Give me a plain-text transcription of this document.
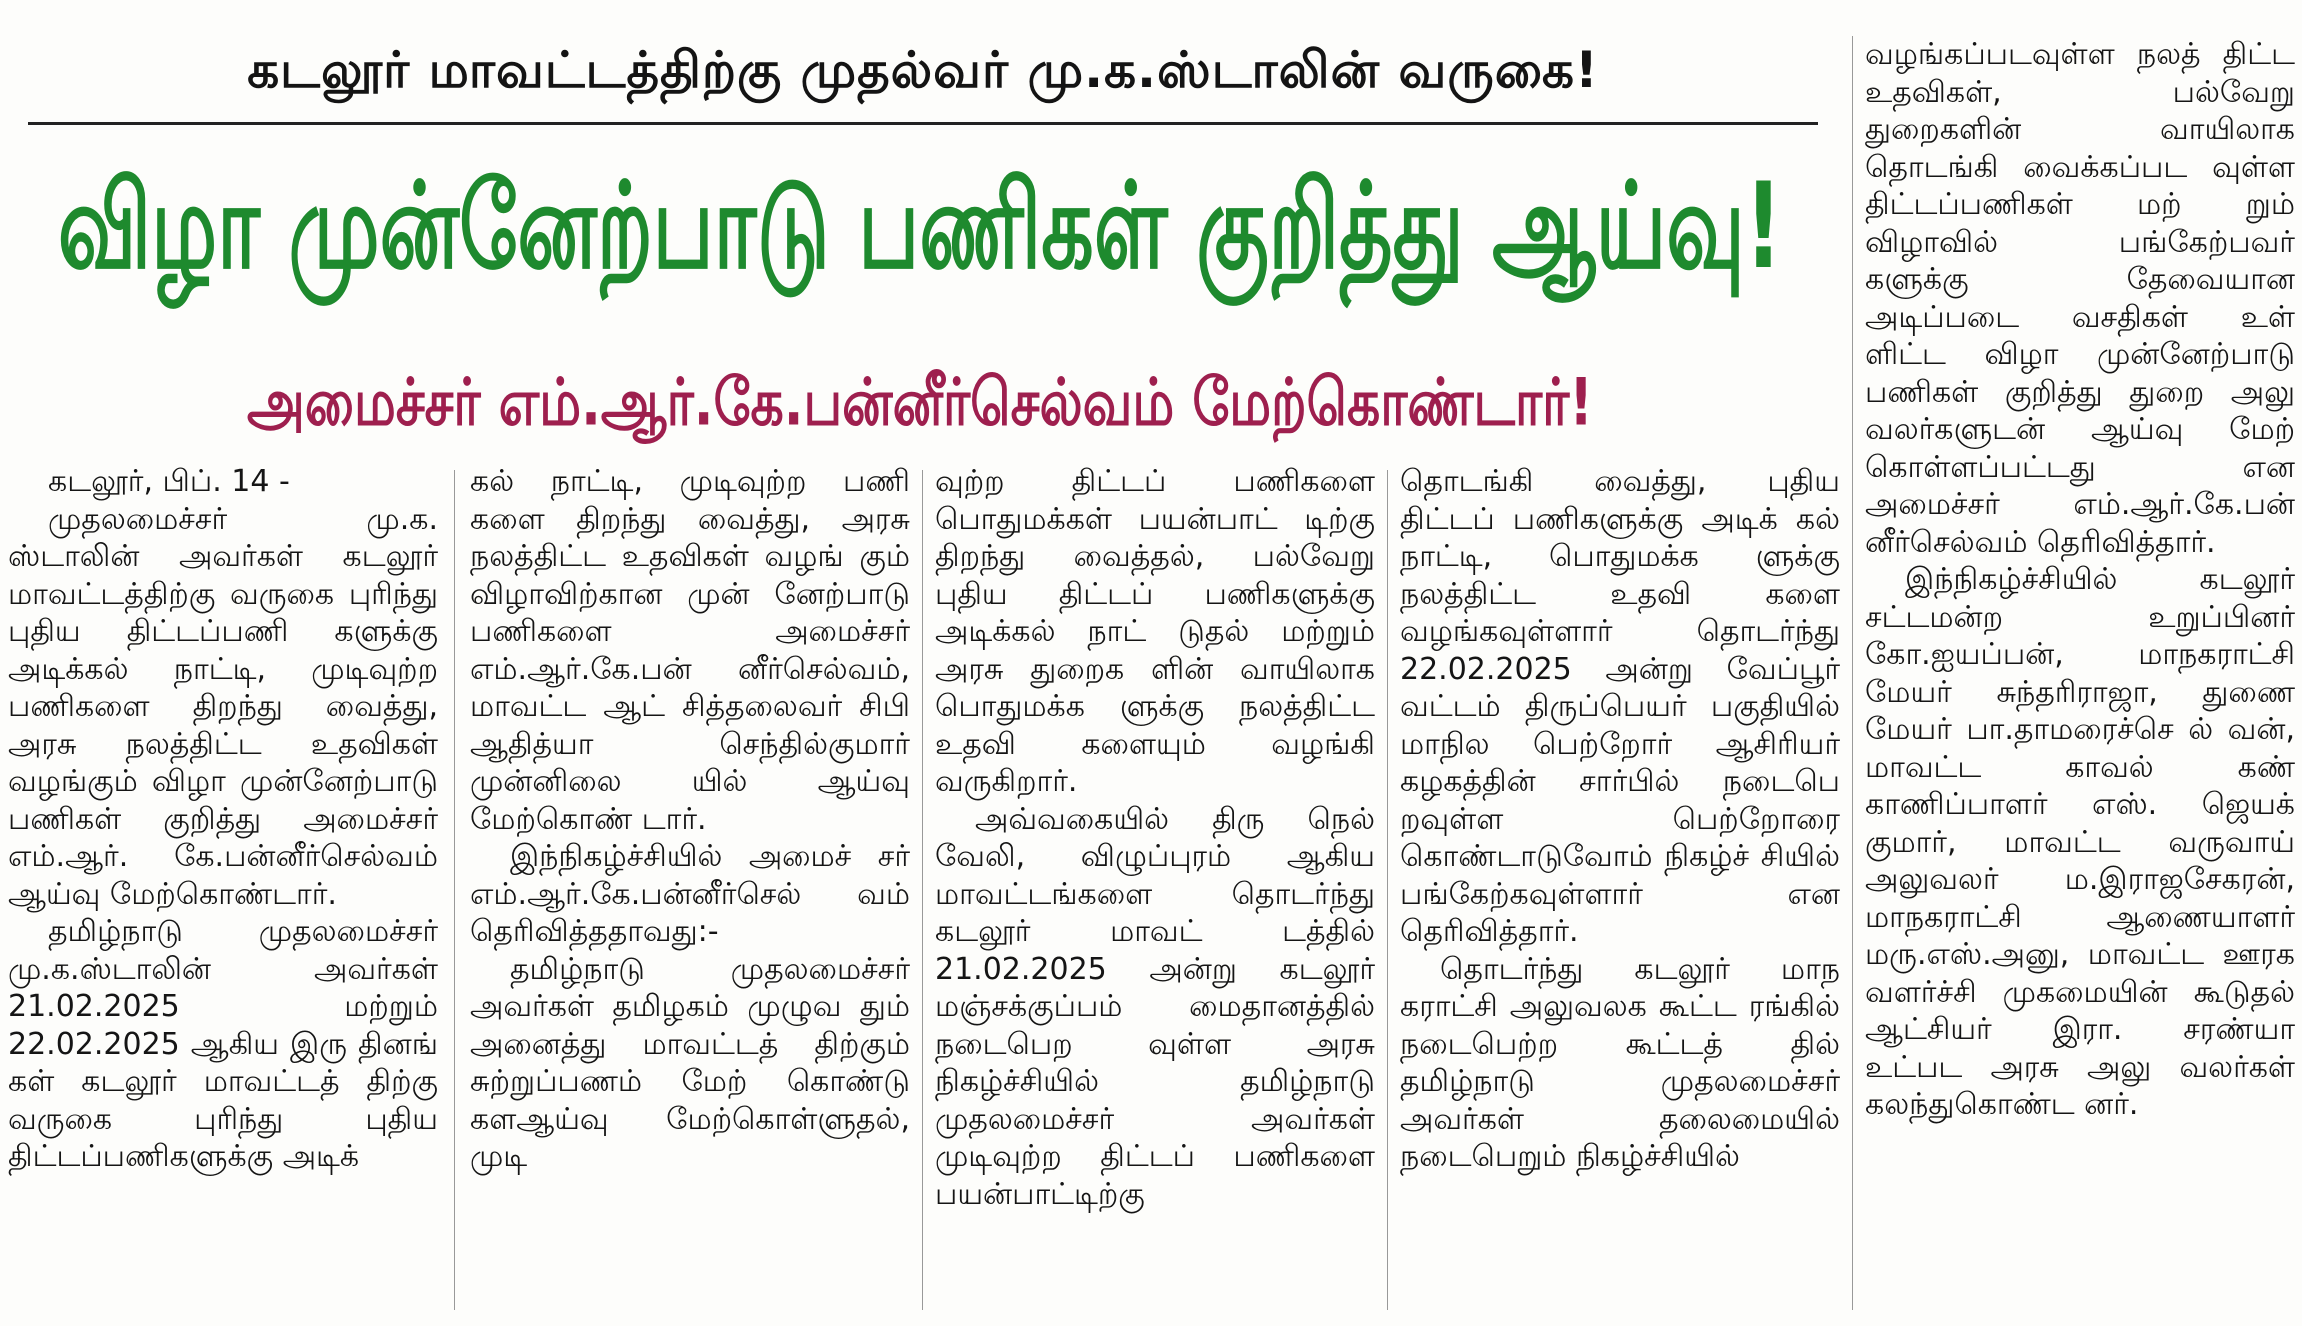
கடலூர் மாவட்டத்திற்கு முதல்வர் மு.க.ஸ்டாலின் வருகை!
விழா முன்னேற்பாடு பணிகள் குறித்து ஆய்வு!
அமைச்சர் எம்.ஆர்.கே.பன்னீர்செல்வம் மேற்கொண்டார்!

கடலூர், பிப். 14 -

முதலமைச்சர் மு.க. ஸ்டாலின் அவர்கள் கடலூர் மாவட்டத்திற்கு வருகை புரிந்து புதிய திட்டப்பணி களுக்கு அடிக்கல் நாட்டி, முடிவுற்ற பணிகளை திறந்து வைத்து, அரசு நலத்திட்ட உதவிகள் வழங்கும் விழா முன்னேற்பாடு பணிகள் குறித்து அமைச்சர் எம்.ஆர். கே.பன்னீர்செல்வம் ஆய்வு மேற்கொண்டார்.

தமிழ்நாடு முதலமைச்சர் மு.க.ஸ்டாலின் அவர்கள் 21.02.2025 மற்றும் 22.02.2025 ஆகிய இரு தினங் கள் கடலூர் மாவட்டத் திற்கு வருகை புரிந்து புதிய திட்டப்பணிகளுக்கு அடிக்

கல் நாட்டி, முடிவுற்ற பணி களை திறந்து வைத்து, அரசு நலத்திட்ட உதவிகள் வழங் கும் விழாவிற்கான முன் னேற்பாடு பணிகளை அமைச்சர் எம்.ஆர்.கே.பன் னீர்செல்வம், மாவட்ட ஆட் சித்தலைவர் சிபி ஆதித்யா செந்தில்குமார் முன்னிலை யில் ஆய்வு மேற்கொண் டார்.

இந்நிகழ்ச்சியில் அமைச் சர் எம்.ஆர்.கே.பன்னீர்செல் வம் தெரிவித்ததாவது:-

தமிழ்நாடு முதலமைச்சர் அவர்கள் தமிழகம் முழுவ தும் அனைத்து மாவட்டத் திற்கும் சுற்றுப்பணம் மேற் கொண்டு களஆய்வு மேற்கொள்ளுதல், முடி

வுற்ற திட்டப் பணிகளை பொதுமக்கள் பயன்பாட் டிற்கு திறந்து வைத்தல், பல்வேறு புதிய திட்டப் பணிகளுக்கு அடிக்கல் நாட் டுதல் மற்றும் அரசு துறைக ளின் வாயிலாக பொதுமக்க ளுக்கு நலத்திட்ட உதவி களையும் வழங்கி வருகிறார்.

அவ்வகையில் திரு நெல் வேலி, விழுப்புரம் ஆகிய மாவட்டங்களை தொடர்ந்து கடலூர் மாவட் டத்தில் 21.02.2025 அன்று கடலூர் மஞ்சக்குப்பம் மைதானத்தில் நடைபெற வுள்ள அரசு நிகழ்ச்சியில் தமிழ்நாடு முதலமைச்சர் அவர்கள் முடிவுற்ற திட்டப் பணிகளை பயன்பாட்டிற்கு

தொடங்கி வைத்து, புதிய திட்டப் பணிகளுக்கு அடிக் கல் நாட்டி, பொதுமக்க ளுக்கு நலத்திட்ட உதவி களை வழங்கவுள்ளார் தொடர்ந்து 22.02.2025 அன்று வேப்பூர் வட்டம் திருப்பெயர் பகுதியில் மாநில பெற்றோர் ஆசிரியர் கழகத்தின் சார்பில் நடைபெ றவுள்ள பெற்றோரை கொண்டாடுவோம் நிகழ்ச் சியில் பங்கேற்கவுள்ளார் என தெரிவித்தார்.

தொடர்ந்து கடலூர் மாந கராட்சி அலுவலக கூட்ட ரங்கில் நடைபெற்ற கூட்டத் தில் தமிழ்நாடு முதலமைச்சர் அவர்கள் தலைமையில் நடைபெறும் நிகழ்ச்சியில்

வழங்கப்படவுள்ள நலத் திட்ட உதவிகள், பல்வேறு துறைகளின் வாயிலாக தொடங்கி வைக்கப்பட வுள்ள திட்டப்பணிகள் மற் றும் விழாவில் பங்கேற்பவர் களுக்கு தேவையான அடிப்படை வசதிகள் உள் ளிட்ட விழா முன்னேற்பாடு பணிகள் குறித்து துறை அலு வலர்களுடன் ஆய்வு மேற் கொள்ளப்பட்டது என அமைச்சர் எம்.ஆர்.கே.பன் னீர்செல்வம் தெரிவித்தார்.

இந்நிகழ்ச்சியில் கடலூர் சட்டமன்ற உறுப்பினர் கோ.ஐயப்பன், மாநகராட்சி மேயர் சுந்தரிராஜா, துணை மேயர் பா.தாமரைச்செ ல் வன், மாவட்ட காவல் கண் காணிப்பாளர் எஸ். ஜெயக் குமார், மாவட்ட வருவாய் அலுவலர் ம.இராஜசேகரன், மாநகராட்சி ஆணையாளர் மரு.எஸ்.அனு, மாவட்ட ஊரக வளர்ச்சி முகமையின் கூடுதல் ஆட்சியர் இரா. சரண்யா உட்பட அரசு அலு வலர்கள் கலந்துகொண்ட னர்.
